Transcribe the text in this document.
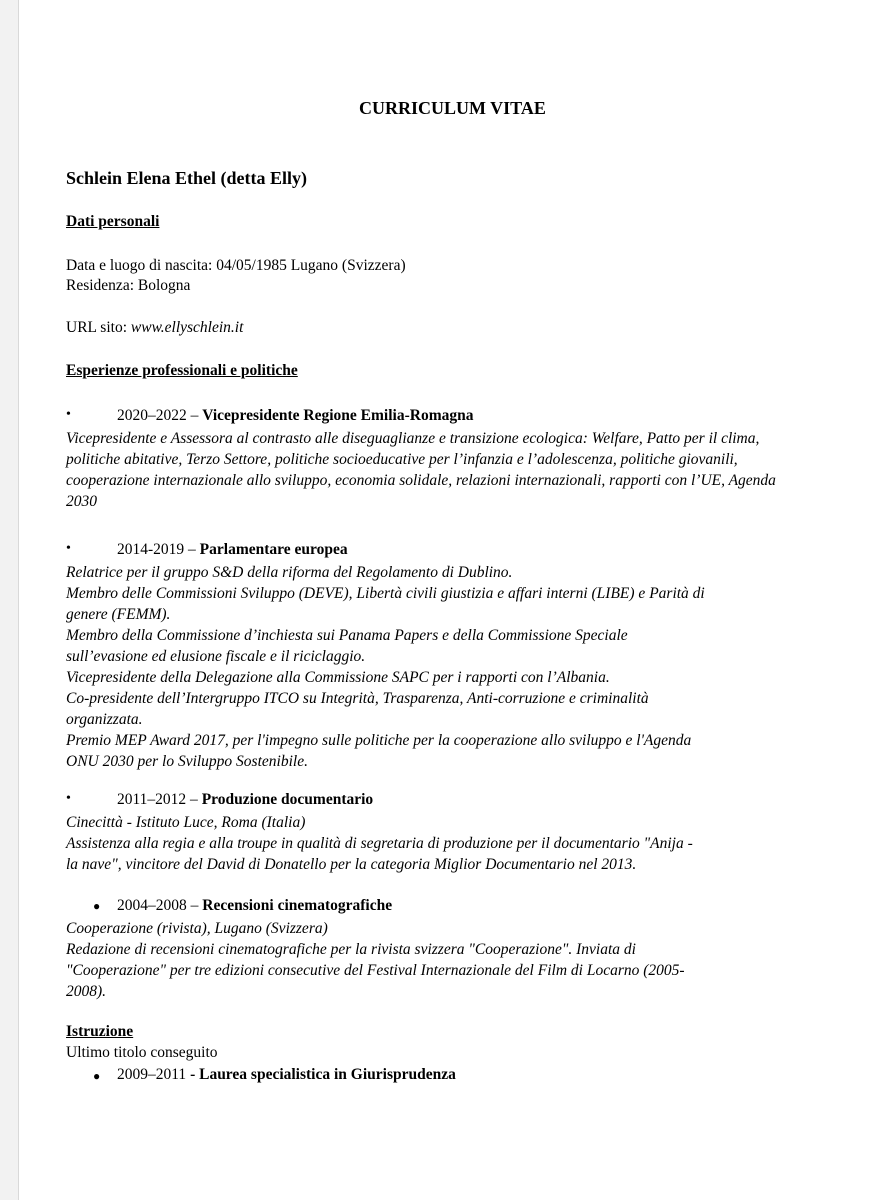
CURRICULUM VITAE
Schlein Elena Ethel (detta Elly)
Dati personali
Data e luogo di nascita: 04/05/1985 Lugano (Svizzera)
Residenza: Bologna
URL sito: www.ellyschlein.it
Esperienze professionali e politiche
•	2020–2022 – Vicepresidente Regione Emilia-Romagna
Vicepresidente e Assessora al contrasto alle diseguaglianze e transizione ecologica: Welfare, Patto per il clima,
politiche abitative, Terzo Settore, politiche socioeducative per l’infanzia e l’adolescenza, politiche giovanili,
cooperazione internazionale allo sviluppo, economia solidale, relazioni internazionali, rapporti con l’UE, Agenda
2030
•	2014-2019 – Parlamentare europea
Relatrice per il gruppo S&D della riforma del Regolamento di Dublino.
Membro delle Commissioni Sviluppo (DEVE), Libertà civili giustizia e affari interni (LIBE) e Parità di
genere (FEMM).
Membro della Commissione d’inchiesta sui Panama Papers e della Commissione Speciale
sull’evasione ed elusione fiscale e il riciclaggio.
Vicepresidente della Delegazione alla Commissione SAPC per i rapporti con l’Albania.
Co-presidente dell’Intergruppo ITCO su Integrità, Trasparenza, Anti-corruzione e criminalità
organizzata.
Premio MEP Award 2017, per l'impegno sulle politiche per la cooperazione allo sviluppo e l'Agenda
ONU 2030 per lo Sviluppo Sostenibile.
•	2011–2012 – Produzione documentario
Cinecittà - Istituto Luce, Roma (Italia)
Assistenza alla regia e alla troupe in qualità di segretaria di produzione per il documentario "Anija -
la nave", vincitore del David di Donatello per la categoria Miglior Documentario nel 2013.
● 2004–2008 – Recensioni cinematografiche
Cooperazione (rivista), Lugano (Svizzera)
Redazione di recensioni cinematografiche per la rivista svizzera "Cooperazione". Inviata di
"Cooperazione" per tre edizioni consecutive del Festival Internazionale del Film di Locarno (2005-
2008).
Istruzione
Ultimo titolo conseguito
● 2009–2011 - Laurea specialistica in Giurisprudenza
